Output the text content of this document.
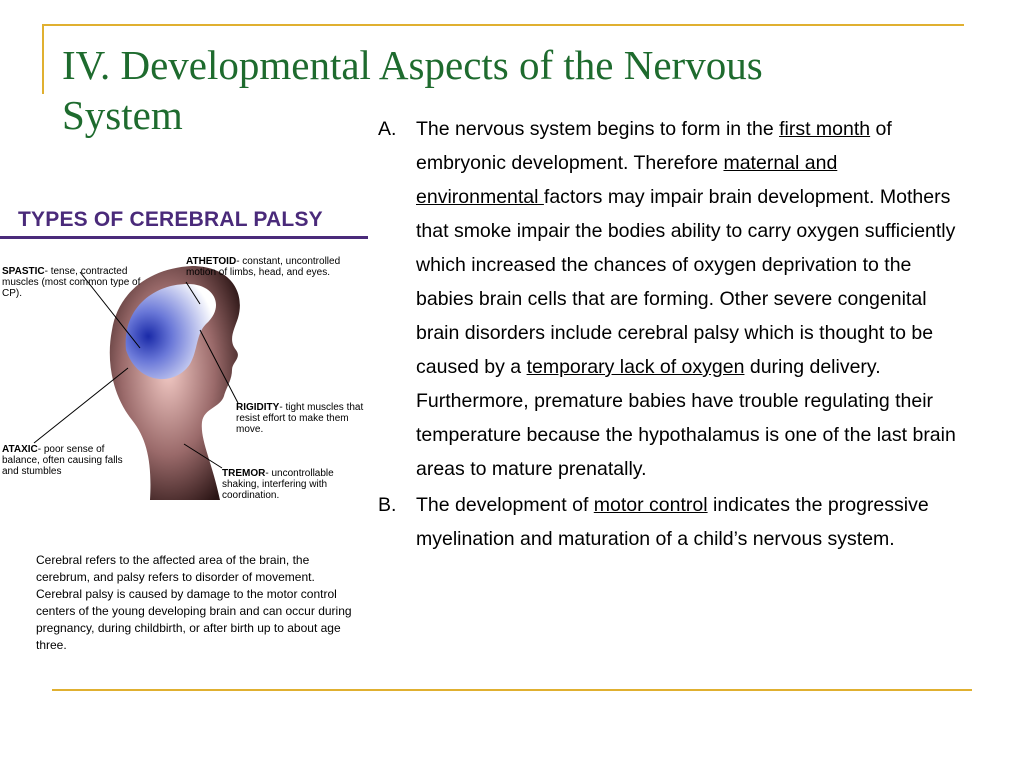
IV. Developmental Aspects of the Nervous System

TYPES OF CEREBRAL PALSY

SPASTIC- tense, contracted muscles (most common type of CP).
ATHETOID- constant, uncontrolled motion of limbs, head, and eyes.
RIGIDITY- tight muscles that resist effort to make them move.
ATAXIC- poor sense of balance, often causing falls and stumbles	TREMOR- uncontrollable shaking, interfering with coordination.
Cerebral refers to the affected area of the brain, the cerebrum, and palsy refers to disorder of movement. Cerebral palsy is caused by damage to the motor control centers of the young developing brain and can occur during pregnancy, during childbirth, or after birth up to about age three.

A. The nervous system begins to form in the first month of embryonic development. Therefore maternal and environmental factors may impair brain development. Mothers that smoke impair the bodies ability to carry oxygen sufficiently which increased the chances of oxygen deprivation to the babies brain cells that are forming. Other severe congenital brain disorders include cerebral palsy which is thought to be caused by a temporary lack of oxygen during delivery. Furthermore, premature babies have trouble regulating their temperature because the hypothalamus is one of the last brain areas to mature prenatally.

B. The development of motor control indicates the progressive myelination and maturation of a child’s nervous system.
